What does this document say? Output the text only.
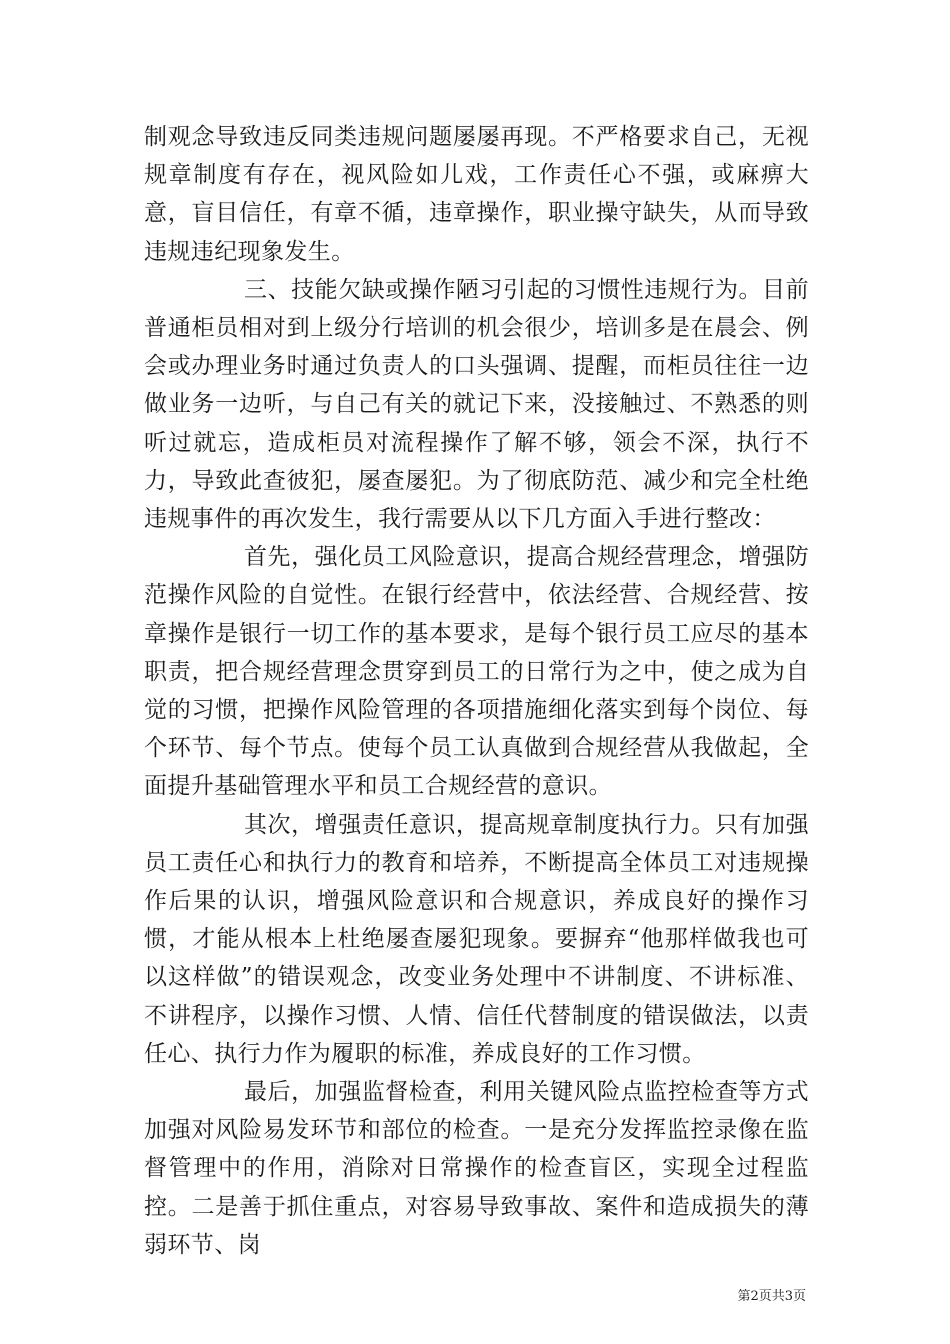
制观念导致违反同类违规问题屡屡再现。不严格要求自己，无视规章制度有存在，视风险如儿戏，工作责任心不强，或麻痹大意，盲目信任，有章不循，违章操作，职业操守缺失，从而导致违规违纪现象发生。

三、技能欠缺或操作陋习引起的习惯性违规行为。目前普通柜员相对到上级分行培训的机会很少，培训多是在晨会、例会或办理业务时通过负责人的口头强调、提醒，而柜员往往一边做业务一边听，与自己有关的就记下来，没接触过、不熟悉的则听过就忘，造成柜员对流程操作了解不够，领会不深，执行不力，导致此查彼犯，屡查屡犯。为了彻底防范、减少和完全杜绝违规事件的再次发生，我行需要从以下几方面入手进行整改：

首先，强化员工风险意识，提高合规经营理念，增强防范操作风险的自觉性。在银行经营中，依法经营、合规经营、按章操作是银行一切工作的基本要求，是每个银行员工应尽的基本职责，把合规经营理念贯穿到员工的日常行为之中，使之成为自觉的习惯，把操作风险管理的各项措施细化落实到每个岗位、每个环节、每个节点。使每个员工认真做到合规经营从我做起，全面提升基础管理水平和员工合规经营的意识。

其次，增强责任意识，提高规章制度执行力。只有加强员工责任心和执行力的教育和培养，不断提高全体员工对违规操作后果的认识，增强风险意识和合规意识，养成良好的操作习惯，才能从根本上杜绝屡查屡犯现象。要摒弃“他那样做我也可以这样做”的错误观念，改变业务处理中不讲制度、不讲标准、不讲程序，以操作习惯、人情、信任代替制度的错误做法，以责任心、执行力作为履职的标准，养成良好的工作习惯。

最后，加强监督检查，利用关键风险点监控检查等方式加强对风险易发环节和部位的检查。一是充分发挥监控录像在监督管理中的作用，消除对日常操作的检查盲区，实现全过程监控。二是善于抓住重点，对容易导致事故、案件和造成损失的薄弱环节、岗

第2页共3页
